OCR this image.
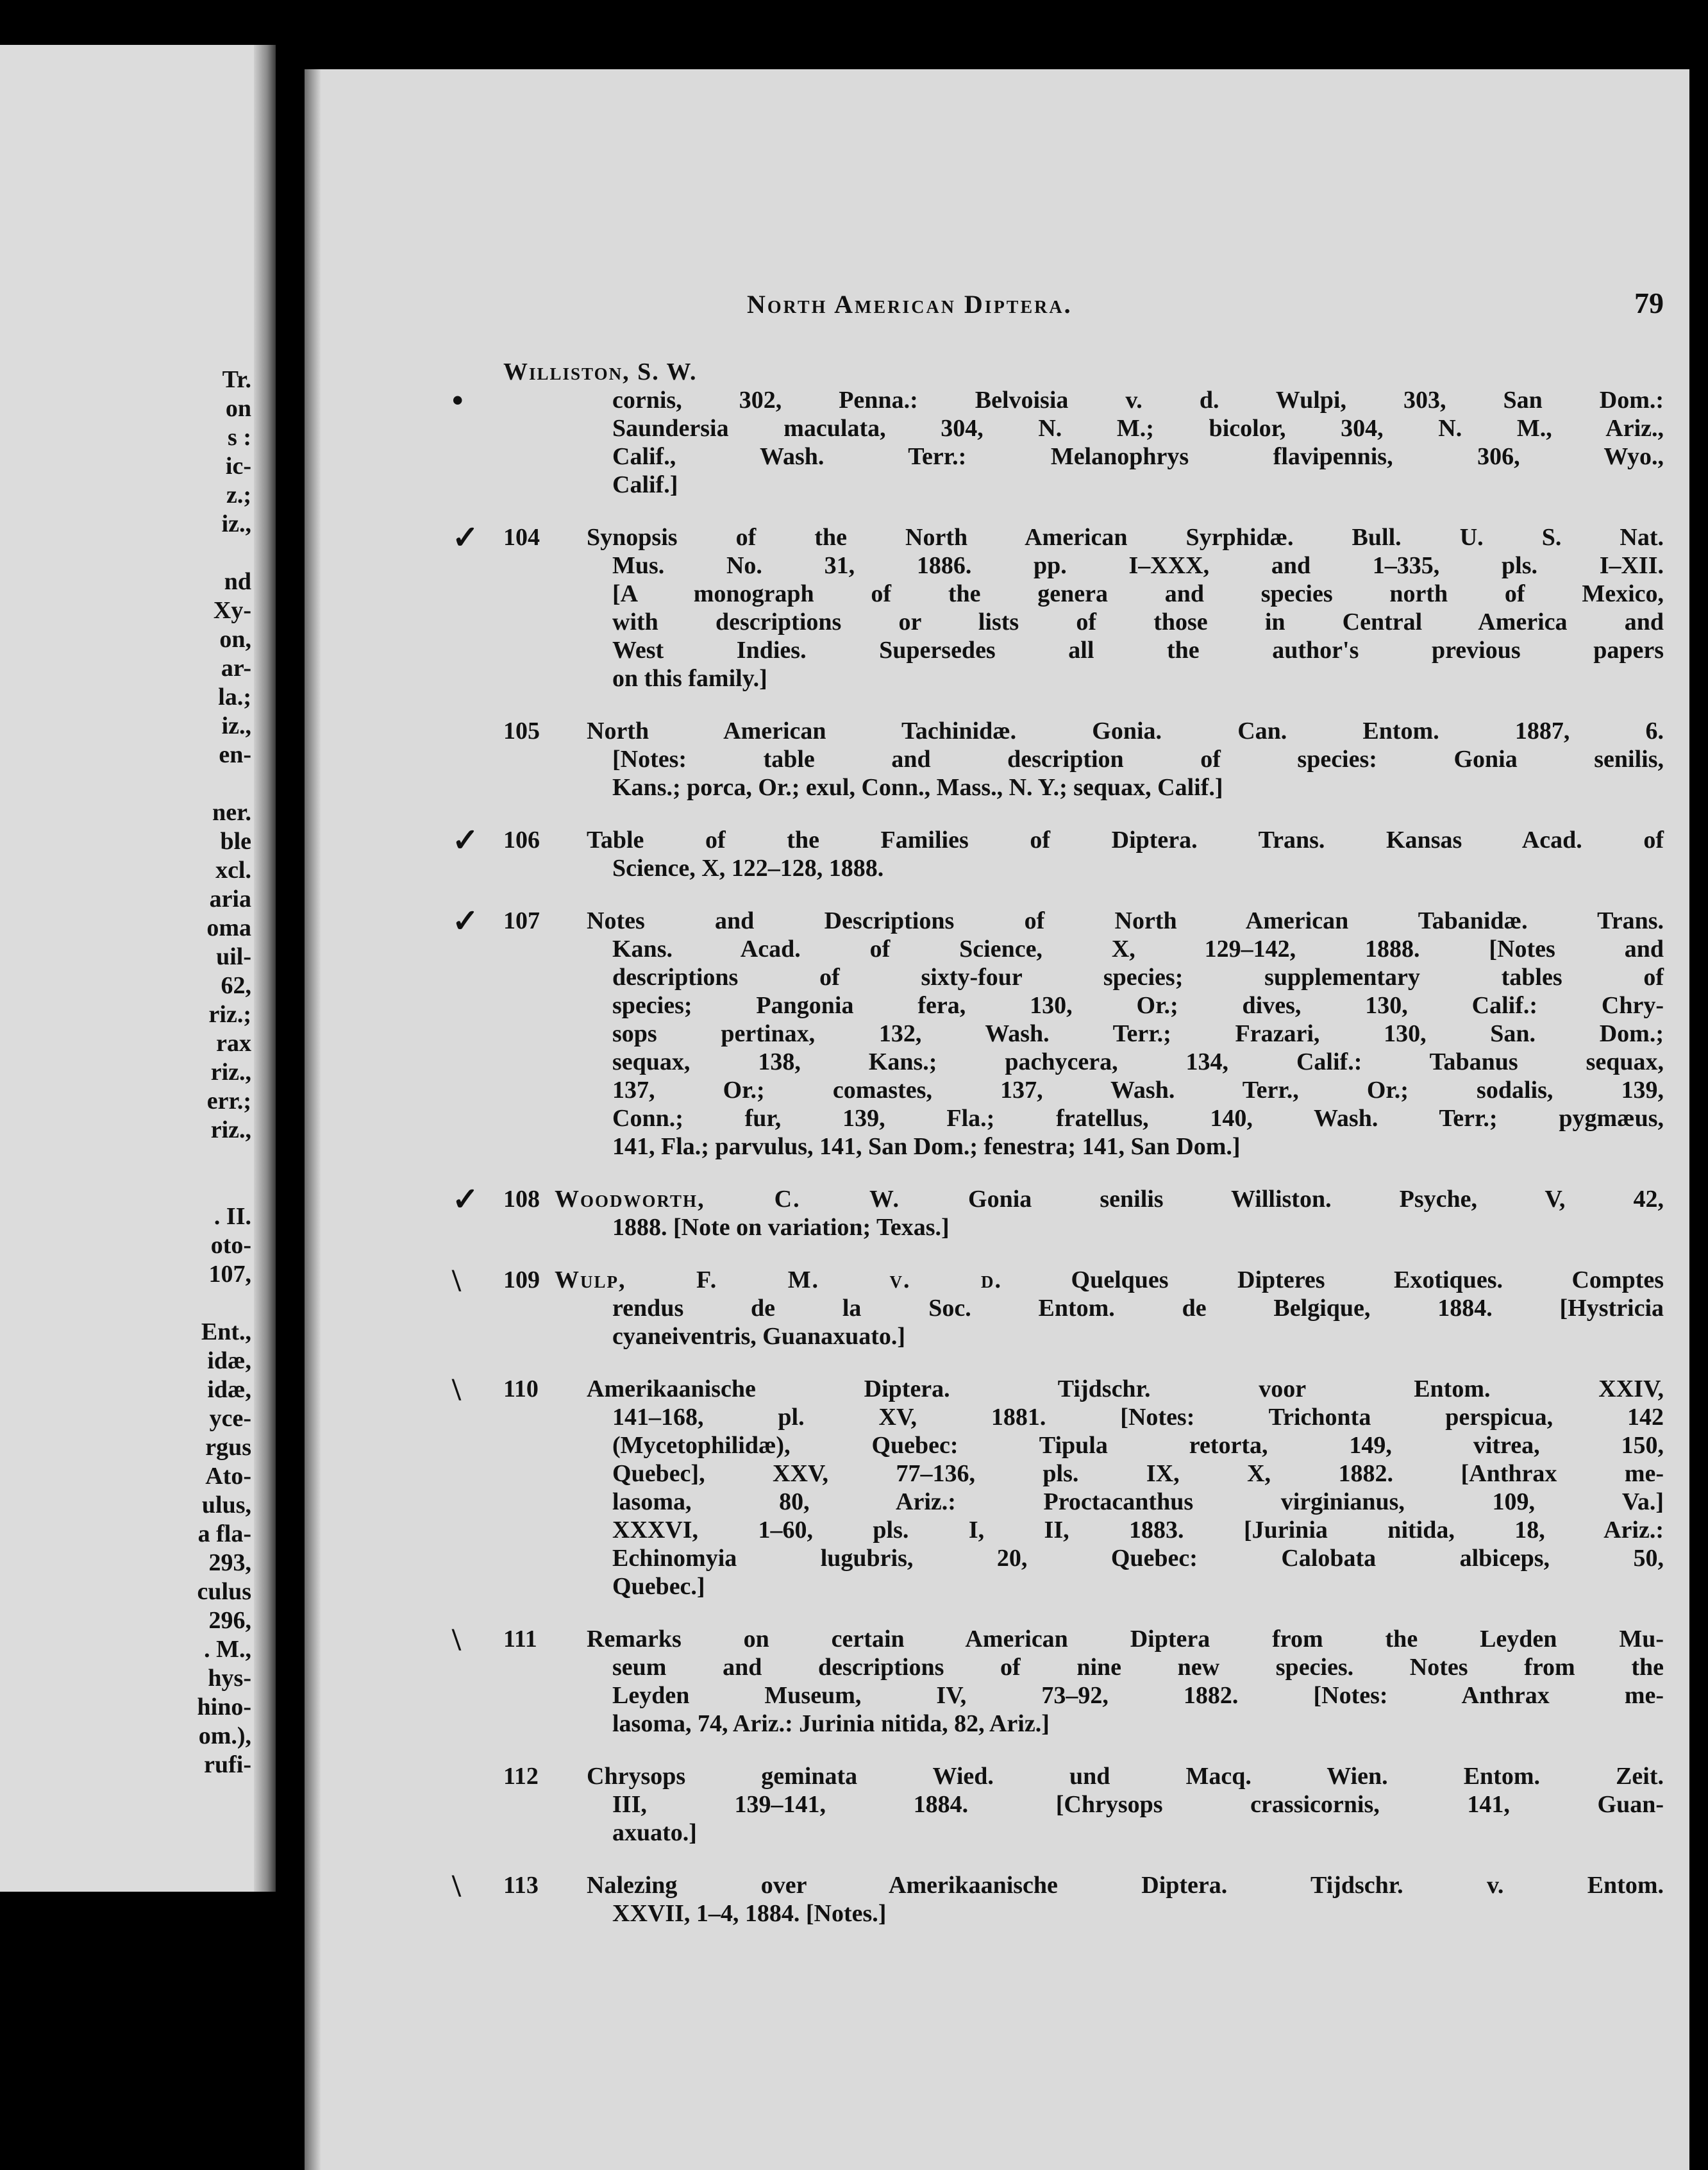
Tr.
on
s :
ic-
z.;
iz.,
nd
Xy-
on,
ar-
la.;
iz.,
en-
ner.
ble
xcl.
aria
oma
uil-
62,
riz.;
rax
riz.,
err.;
riz.,
. II.
oto-
107,
Ent.,
idæ,
idæ,
yce-
rgus
Ato-
ulus,
a fla-
293,
culus
296,
. M.,
hys-
hino-
om.),
rufi-
North American Diptera.	79
Williston, S. W.
•	cornis, 302, Penna.: Belvoisia v. d. Wulpi, 303, San Dom.:
Saundersia maculata, 304, N. M.; bicolor, 304, N. M., Ariz.,
Calif., Wash. Terr.: Melanophrys flavipennis, 306, Wyo.,
Calif.]
✓ 104 Synopsis of the North American Syrphidæ. Bull. U. S. Nat.
Mus. No. 31, 1886. pp. I–XXX, and 1–335, pls. I–XII.
[A monograph of the genera and species north of Mexico,
with descriptions or lists of those in Central America and
West Indies. Supersedes all the author's previous papers
on this family.]
105 North American Tachinidæ. Gonia. Can. Entom. 1887, 6.
[Notes: table and description of species: Gonia senilis,
Kans.; porca, Or.; exul, Conn., Mass., N. Y.; sequax, Calif.]
✓ 106 Table of the Families of Diptera. Trans. Kansas Acad. of
Science, X, 122–128, 1888.
✓ 107 Notes and Descriptions of North American Tabanidæ. Trans.
Kans. Acad. of Science, X, 129–142, 1888. [Notes and
descriptions of sixty-four species; supplementary tables of
species; Pangonia fera, 130, Or.; dives, 130, Calif.: Chry-
sops pertinax, 132, Wash. Terr.; Frazari, 130, San. Dom.;
sequax, 138, Kans.; pachycera, 134, Calif.: Tabanus sequax,
137, Or.; comastes, 137, Wash. Terr., Or.; sodalis, 139,
Conn.; fur, 139, Fla.; fratellus, 140, Wash. Terr.; pygmæus,
141, Fla.; parvulus, 141, San Dom.; fenestra; 141, San Dom.]
✓ 108 Woodworth, C. W. Gonia senilis Williston. Psyche, V, 42,
1888. [Note on variation; Texas.]
\ 109 Wulp, F. M. v. d. Quelques Dipteres Exotiques. Comptes
rendus de la Soc. Entom. de Belgique, 1884. [Hystricia
cyaneiventris, Guanaxuato.]
\ 110 Amerikaanische Diptera. Tijdschr. voor Entom. XXIV,
141–168, pl. XV, 1881. [Notes: Trichonta perspicua, 142
(Mycetophilidæ), Quebec: Tipula retorta, 149, vitrea, 150,
Quebec], XXV, 77–136, pls. IX, X, 1882. [Anthrax me-
lasoma, 80, Ariz.: Proctacanthus virginianus, 109, Va.]
XXXVI, 1–60, pls. I, II, 1883. [Jurinia nitida, 18, Ariz.:
Echinomyia lugubris, 20, Quebec: Calobata albiceps, 50,
Quebec.]
\ 111 Remarks on certain American Diptera from the Leyden Mu-
seum and descriptions of nine new species. Notes from the
Leyden Museum, IV, 73–92, 1882. [Notes: Anthrax me-
lasoma, 74, Ariz.: Jurinia nitida, 82, Ariz.]
112 Chrysops geminata Wied. und Macq. Wien. Entom. Zeit.
III, 139–141, 1884. [Chrysops crassicornis, 141, Guan-
axuato.]
\ 113 Nalezing over Amerikaanische Diptera. Tijdschr. v. Entom.
XXVII, 1–4, 1884. [Notes.]
